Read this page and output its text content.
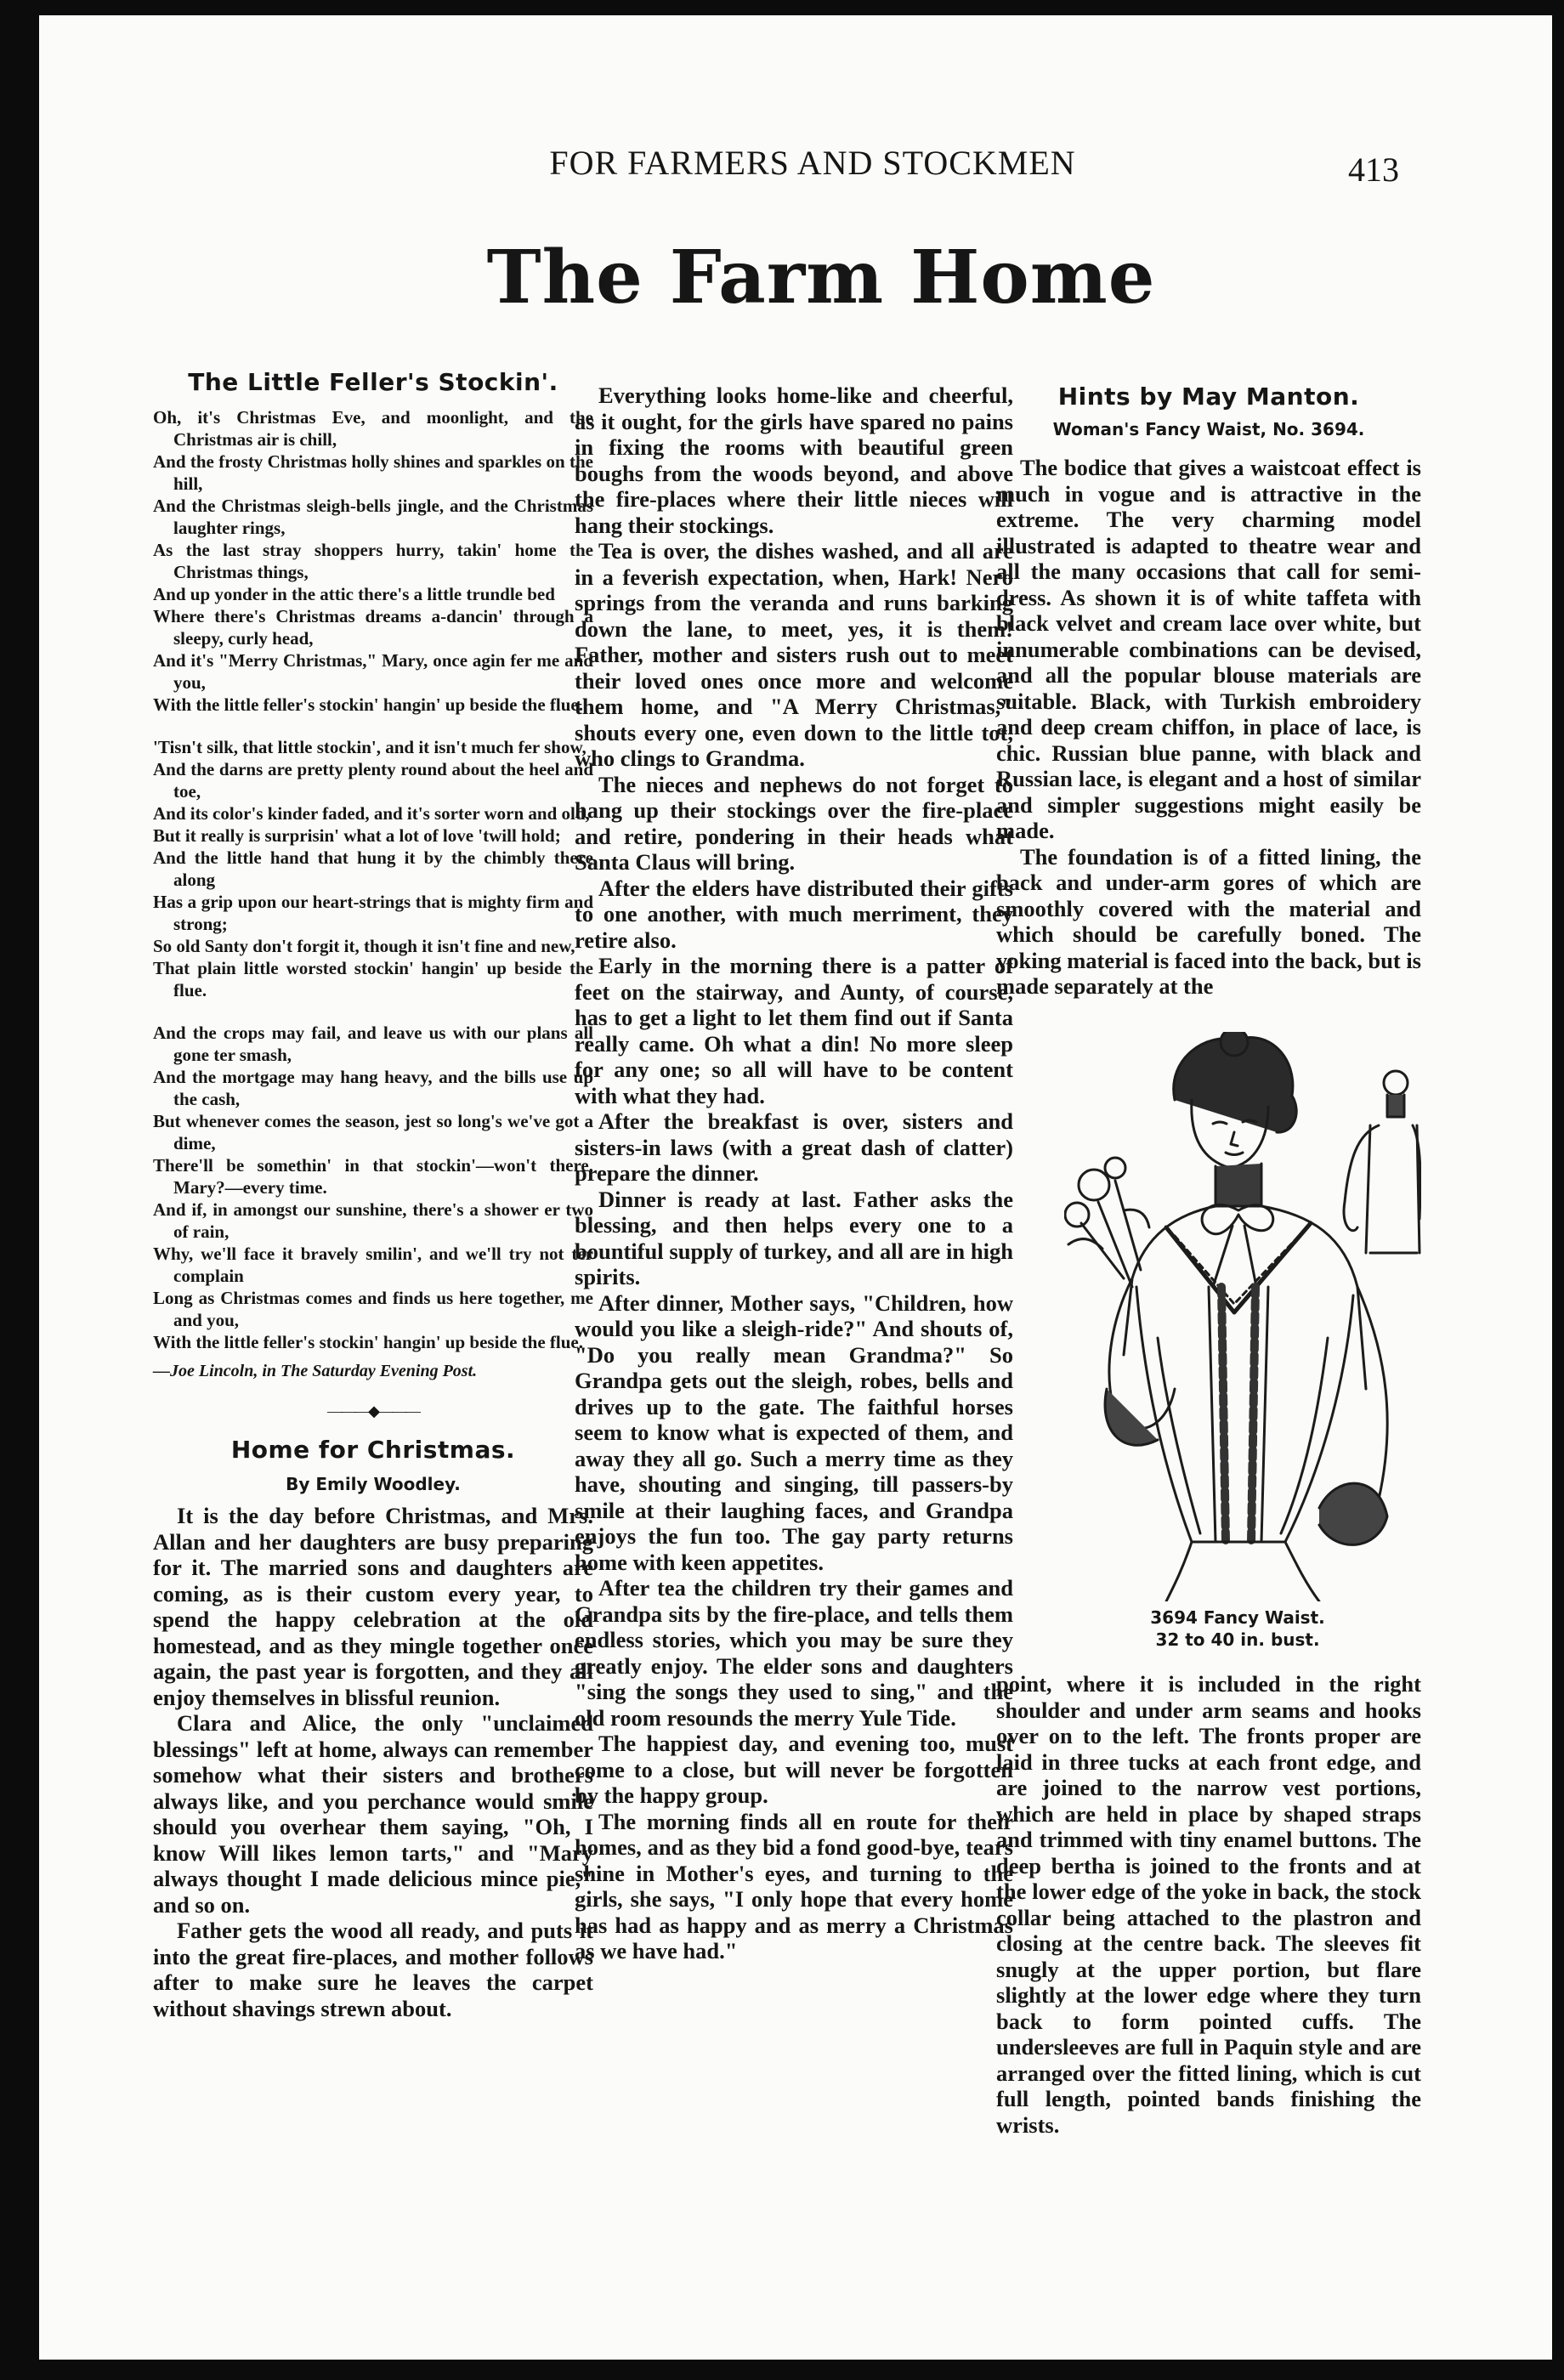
FOR FARMERS AND STOCKMEN	413
The Farm Home
The Little Feller's Stockin'.

Oh, it's Christmas Eve, and moonlight, and the Christmas air is chill,

And the frosty Christmas holly shines and sparkles on the hill,

And the Christmas sleigh-bells jingle, and the Christmas laughter rings,

As the last stray shoppers hurry, takin' home the Christmas things,

And up yonder in the attic there's a little trundle bed

Where there's Christmas dreams a-dancin' through a sleepy, curly head,

And it's "Merry Christmas," Mary, once agin fer me and you,

With the little feller's stockin' hangin' up beside the flue.

'Tisn't silk, that little stockin', and it isn't much fer show,

And the darns are pretty plenty round about the heel and toe,

And its color's kinder faded, and it's sorter worn and old,

But it really is surprisin' what a lot of love 'twill hold;

And the little hand that hung it by the chimbly there along

Has a grip upon our heart-strings that is mighty firm and strong;

So old Santy don't forgit it, though it isn't fine and new,

That plain little worsted stockin' hangin' up beside the flue.

And the crops may fail, and leave us with our plans all gone ter smash,

And the mortgage may hang heavy, and the bills use up the cash,

But whenever comes the season, jest so long's we've got a dime,

There'll be somethin' in that stockin'—won't there, Mary?—every time.

And if, in amongst our sunshine, there's a shower er two of rain,

Why, we'll face it bravely smilin', and we'll try not ter complain

Long as Christmas comes and finds us here together, me and you,

With the little feller's stockin' hangin' up beside the flue.

—Joe Lincoln, in The Saturday Evening Post.

———◆———
Home for Christmas.
By Emily Woodley.

It is the day before Christmas, and Mrs. Allan and her daughters are busy preparing for it. The married sons and daughters are coming, as is their custom every year, to spend the happy celebration at the old homestead, and as they mingle together once again, the past year is forgotten, and they all enjoy themselves in blissful reunion.

Clara and Alice, the only "unclaimed blessings" left at home, always can remember somehow what their sisters and brothers always like, and you perchance would smile should you overhear them saying, "Oh, I know Will likes lemon tarts," and "Mary always thought I made delicious mince pie," and so on.

Father gets the wood all ready, and puts it into the great fire-places, and mother follows after to make sure he leaves the carpet without shavings strewn about.

Everything looks home-like and cheerful, as it ought, for the girls have spared no pains in fixing the rooms with beautiful green boughs from the woods beyond, and above the fire-places where their little nieces will hang their stockings.

Tea is over, the dishes washed, and all are in a feverish expectation, when, Hark! Nero springs from the veranda and runs barking down the lane, to meet, yes, it is them! Father, mother and sisters rush out to meet their loved ones once more and welcome them home, and "A Merry Christmas," shouts every one, even down to the little tot, who clings to Grandma.

The nieces and nephews do not forget to hang up their stockings over the fire-place and retire, pondering in their heads what Santa Claus will bring.

After the elders have distributed their gifts to one another, with much merriment, they retire also.

Early in the morning there is a patter of feet on the stairway, and Aunty, of course, has to get a light to let them find out if Santa really came. Oh what a din! No more sleep for any one; so all will have to be content with what they had.

After the breakfast is over, sisters and sisters-in laws (with a great dash of clatter) prepare the dinner.

Dinner is ready at last. Father asks the blessing, and then helps every one to a bountiful supply of turkey, and all are in high spirits.

After dinner, Mother says, "Children, how would you like a sleigh-ride?" And shouts of, "Do you really mean Grandma?" So Grandpa gets out the sleigh, robes, bells and drives up to the gate. The faithful horses seem to know what is expected of them, and away they all go. Such a merry time as they have, shouting and singing, till passers-by smile at their laughing faces, and Grandpa enjoys the fun too. The gay party returns home with keen appetites.

After tea the children try their games and Grandpa sits by the fire-place, and tells them endless stories, which you may be sure they greatly enjoy. The elder sons and daughters "sing the songs they used to sing," and the old room resounds the merry Yule Tide.

The happiest day, and evening too, must come to a close, but will never be forgotten by the happy group.

The morning finds all en route for their homes, and as they bid a fond good-bye, tears shine in Mother's eyes, and turning to the girls, she says, "I only hope that every home has had as happy and as merry a Christmas as we have had."

Hints by May Manton.
Woman's Fancy Waist, No. 3694.

The bodice that gives a waistcoat effect is much in vogue and is attractive in the extreme. The very charming model illustrated is adapted to theatre wear and all the many occasions that call for semi-dress. As shown it is of white taffeta with black velvet and cream lace over white, but innumerable combinations can be devised, and all the popular blouse materials are suitable. Black, with Turkish embroidery and deep cream chiffon, in place of lace, is chic. Russian blue panne, with black and Russian lace, is elegant and a host of similar and simpler suggestions might easily be made.

The foundation is of a fitted lining, the back and under-arm gores of which are smoothly covered with the material and which should be carefully boned. The yoking material is faced into the back, but is made separately at the

3694 Fancy Waist.
32 to 40 in. bust.

point, where it is included in the right shoulder and under arm seams and hooks over on to the left. The fronts proper are laid in three tucks at each front edge, and are joined to the narrow vest portions, which are held in place by shaped straps and trimmed with tiny enamel buttons. The deep bertha is joined to the fronts and at the lower edge of the yoke in back, the stock collar being attached to the plastron and closing at the centre back. The sleeves fit snugly at the upper portion, but flare slightly at the lower edge where they turn back to form pointed cuffs. The undersleeves are full in Paquin style and are arranged over the fitted lining, which is cut full length, pointed bands finishing the wrists.
